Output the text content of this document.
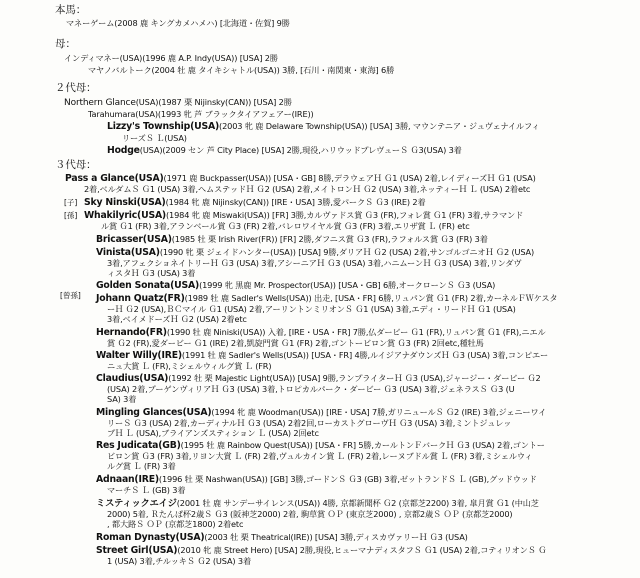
本馬：
マネーゲーム(2008 鹿 キングカメハメハ) [北海道・佐賀] 9勝
母：
インディマネー(USA)(1996 鹿 A.P. Indy(USA)) [USA] 2勝
マヤノバルトーク(2004 牡 鹿 タイキシャトル(USA)) 3勝, [石川・南関東・東海] 6勝
２代母：
Northern Glance(USA)(1987 栗 Nijinsky(CAN)) [USA] 2勝
Tarahumara(USA)(1993 牝 芦 ブラックタイアフェアー(IRE))
Lizzy's Township(USA)(2003 牝 鹿 Delaware Township(USA)) [USA] 3勝, マウンテニア・ジュヴェナイルフィ
リーズＳ Ｌ(USA)
Hodge(USA)(2009 セン 芦 City Place) [USA] 2勝,現役,ハリウッドプレヴューＳ Ｇ3(USA) 3着
３代母：
[子]
[孫]
[曾孫]
Pass a Glance(USA)(1971 鹿 Buckpasser(USA)) [USA・GB] 8勝,デラウェアＨ Ｇ1 (USA) 2着,レイディーズＨ Ｇ1 (USA)
2着,ベルダムＳ Ｇ1 (USA) 3着,ヘムステッドＨ Ｇ2 (USA) 2着,メイトロンＨ Ｇ2 (USA) 3着,ネッティーＨ Ｌ (USA) 2着etc
Sky Ninski(USA)(1984 牝 鹿 Nijinsky(CAN)) [IRE・USA] 3勝,愛パークＳ Ｇ3 (IRE) 2着
Whakilyric(USA)(1984 牝 鹿 Miswaki(USA)) [FR] 3勝,カルヴァドス賞 Ｇ3 (FR),フォレ賞 Ｇ1 (FR) 3着,サラマンド
ル賞 Ｇ1 (FR) 3着,アランベール賞 Ｇ3 (FR) 2着,バレロワイヤル賞 Ｇ3 (FR) 3着,エリザ賞 Ｌ (FR) etc
Bricasser(USA)(1985 牡 栗 Irish River(FR)) [FR] 2勝,ダフニス賞 Ｇ3 (FR),ラフォルス賞 Ｇ3 (FR) 3着
Vinista(USA)(1990 牝 栗 ジェイドハンター(USA)) [USA] 9勝,ダリアＨ Ｇ2 (USA) 2着,サンゴルゴニオＨ Ｇ2 (USA)
3着,アフェクショネイトリーＨ Ｇ3 (USA) 3着,アシーニアＨ Ｇ3 (USA) 3着,ハニムーンＨ Ｇ3 (USA) 3着,リンダヴ
ィスタＨ Ｇ3 (USA) 3着
Golden Sonata(USA)(1999 牝 黒鹿 Mr. Prospector(USA)) [USA・GB] 6勝,オークローンＳ Ｇ3 (USA)
Johann Quatz(FR)(1989 牡 鹿 Sadler's Wells(USA)) 出走, [USA・FR] 6勝,リュパン賞 Ｇ1 (FR) 2着,カーネルＦＷケスタ
ーＨ Ｇ2 (USA),ＢＣマイル Ｇ1 (USA) 2着,アーリントンミリオンＳ Ｇ1 (USA) 3着,エディ・リードＨ Ｇ1 (USA)
3着,ベイメドーズＨ Ｇ2 (USA) 2着etc
Hernando(FR)(1990 牡 鹿 Niniski(USA)) 入着, [IRE・USA・FR] 7勝,仏ダービー Ｇ1 (FR),リュパン賞 Ｇ1 (FR),ニエル
賞 Ｇ2 (FR),愛ダービー Ｇ1 (IRE) 2着,凱旋門賞 Ｇ1 (FR) 2着,ゴントービロン賞 Ｇ3 (FR) 2回etc,種牡馬
Walter Willy(IRE)(1991 牡 鹿 Sadler's Wells(USA)) [USA・FR] 4勝,ルイジアナダウンズＨ Ｇ3 (USA) 3着,コンピエー
ニュ大賞 Ｌ (FR),ミシェルウィルグ賞 Ｌ (FR)
Claudius(USA)(1992 牡 栗 Majestic Light(USA)) [USA] 9勝,ランプライターＨ Ｇ3 (USA),ジャージー・ダービー Ｇ2
(USA) 2着,プーゲンヴィリアＨ Ｇ3 (USA) 3着,トロピカルパーク・ダービー Ｇ3 (USA) 3着,ジェネラスＳ Ｇ3 (U
SA) 3着
Mingling Glances(USA)(1994 牝 鹿 Woodman(USA)) [IRE・USA] 7勝,ガリニュールＳ Ｇ2 (IRE) 3着,ジェニーワイ
リーＳ Ｇ3 (USA) 2着,カーディナルＨ Ｇ3 (USA) 2着2回,ローカストグローヴＨ Ｇ3 (USA) 3着,ミントジュレッ
プＨ Ｌ (USA),ブライアンズスティション Ｌ (USA) 2回etc
Res Judicata(GB)(1995 牡 鹿 Rainbow Quest(USA)) [USA・FR] 5勝,カールトンＦバークＨ Ｇ3 (USA) 2着,ゴントー
ビロン賞 Ｇ3 (FR) 3着,リヨン大賞 Ｌ (FR) 2着,ヴュルカイン賞 Ｌ (FR) 2着,レーヌブドル賞 Ｌ (FR) 3着,ミシェルウィ
ルグ賞 Ｌ (FR) 3着
Adnaan(IRE)(1996 牡 栗 Nashwan(USA)) [GB] 3勝,ゴードンＳ Ｇ3 (GB) 3着,ゼットランドＳ Ｌ (GB),グッドウッド
マーチＳ Ｌ (GB) 3着
ミスティックエイジ(2001 牡 鹿 サンデーサイレンス(USA)) 4勝, 京都新聞杯 Ｇ2 (京都芝2200) 3着, 皐月賞 Ｇ1 (中山芝
2000) 5着, Ｒたんぱ杯2歳Ｓ Ｇ3 (阪神芝2000) 2着, 駒草賞 ＯＰ (東京芝2000) , 京都2歳Ｓ ＯＰ (京都芝2000)
, 都大路Ｓ ＯＰ (京都芝1800) 2着etc
Roman Dynasty(USA)(2003 牡 栗 Theatrical(IRE)) [USA] 3勝,ディスカヴァリーＨ Ｇ3 (USA)
Street Girl(USA)(2010 牝 鹿 Street Hero) [USA] 2勝,現役,ヒューマナディスタフＳ Ｇ1 (USA) 2着,コティリオンＳ Ｇ
1 (USA) 3着,チルッキＳ Ｇ2 (USA) 3着
